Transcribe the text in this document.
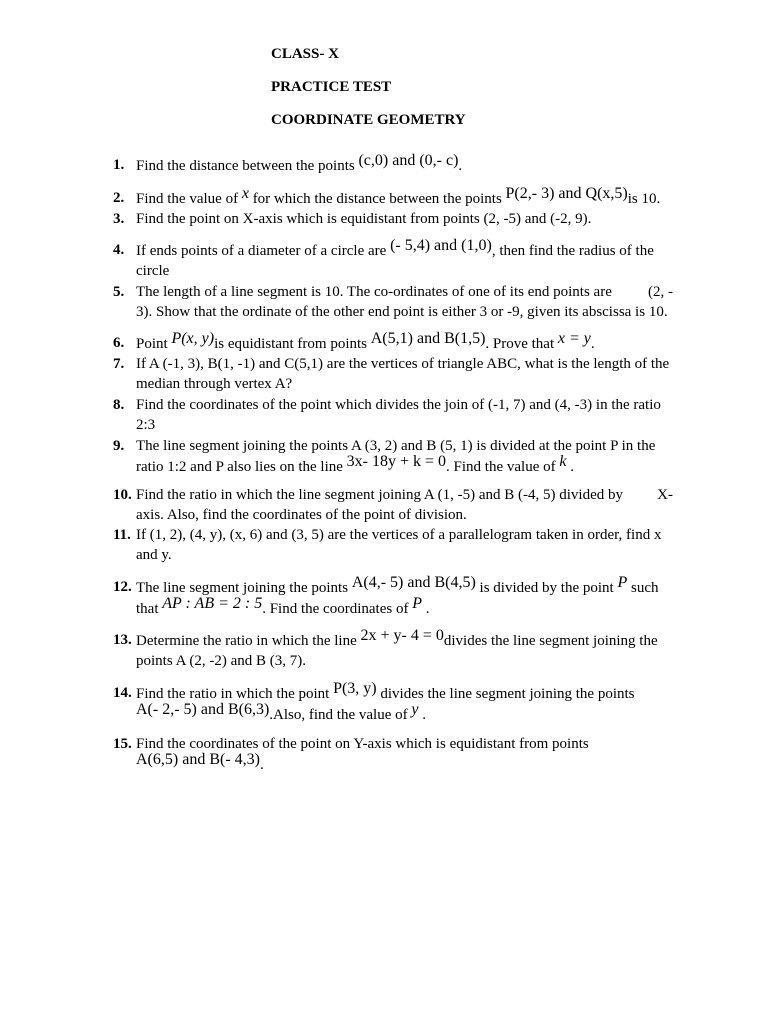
CLASS- X
PRACTICE TEST
COORDINATE GEOMETRY
1. Find the distance between the points (c,0) and (0,- c).
2. Find the value of x for which the distance between the points P(2,- 3) and Q(x,5)is 10.
3. Find the point on X-axis which is equidistant from points (2, -5) and (-2, 9).
4. If ends points of a diameter of a circle are (- 5,4) and (1,0), then find the radius of the circle
5. The length of a line segment is 10. The co-ordinates of one of its end points are (2, -

3). Show that the ordinate of the other end point is either 3 or -9, given its abscissa is 10.
6. Point P(x, y)is equidistant from points A(5,1) and B(1,5). Prove that x = y.
7. If A (-1, 3), B(1, -1) and C(5,1) are the vertices of triangle ABC, what is the length of the median through vertex A?
8. Find the coordinates of the point which divides the join of (-1, 7) and (4, -3) in the ratio 2:3
9. The line segment joining the points A (3, 2) and B (5, 1) is divided at the point P in the ratio 1:2 and P also lies on the line 3x- 18y + k = 0. Find the value of k .
10. Find the ratio in which the line segment joining A (1, -5) and B (-4, 5) divided by X-

axis. Also, find the coordinates of the point of division.
11. If (1, 2), (4, y), (x, 6) and (3, 5) are the vertices of a parallelogram taken in order, find x and y.
12. The line segment joining the points A(4,- 5) and B(4,5) is divided by the point P such
that AP : AB = 2 : 5. Find the coordinates of P .
13. Determine the ratio in which the line 2x + y- 4 = 0divides the line segment joining the points A (2, -2) and B (3, 7).
14. Find the ratio in which the point P(3, y) divides the line segment joining the points
A(- 2,- 5) and B(6,3).Also, find the value of y .
15. Find the coordinates of the point on Y-axis which is equidistant from points
A(6,5) and B(- 4,3).
